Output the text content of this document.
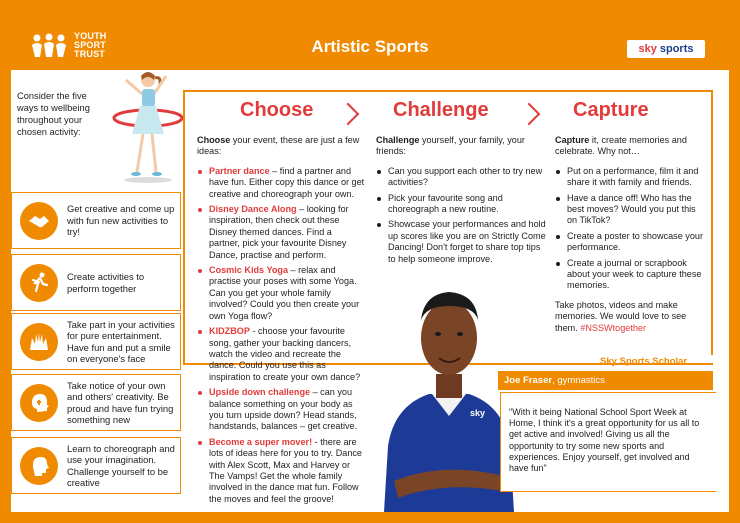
YOUTH
SPORT
TRUST	Artistic Sports	sky sports
Consider the five ways to wellbeing throughout your chosen activity:
Get creative and come up with fun new activities to try!
Create activities to perform together
Take part in your activities for pure entertainment. Have fun and put a smile on everyone's face
Take notice of your own and others' creativity. Be proud and have fun trying something new
Learn to choreograph and use your imagination. Challenge yourself to be creative
Choose	Challenge	Capture
Choose your event, these are just a few ideas:
Partner dance – find a partner and have fun. Either copy this dance or get creative and choreograph your own.
Disney Dance Along – looking for inspiration, then check out these Disney themed dances. Find a partner, pick your favourite Disney Dance, practise and perform.
Cosmic Kids Yoga – relax and practise your poses with some Yoga. Can you get your whole family involved? Could you then create your own Yoga flow?
KIDZBOP - choose your favourite song, gather your backing dancers, watch the video and recreate the dance. Could you use this as inspiration to create your own dance?
Upside down challenge – can you balance something on your body as you turn upside down? Head stands, handstands, balances – get creative.
Become a super mover! - there are lots of ideas here for you to try. Dance with Alex Scott, Max and Harvey or The Vamps! Get the whole family involved in the dance mat fun. Follow the moves and feel the groove!
Challenge yourself, your family, your friends:
Can you support each other to try new activities?
Pick your favourite song and choreograph a new routine.
Showcase your performances and hold up scores like you are on Strictly Come Dancing! Don't forget to share top tips to help someone improve.
Capture it, create memories and celebrate. Why not…
Put on a performance, film it and share it with family and friends.
Have a dance off! Who has the best moves? Would you put this on TikTok?
Create a poster to showcase your performance.
Create a journal or scrapbook about your week to capture these memories.
Take photos, videos and make memories. We would love to see them. #NSSWtogether
sky
Sky Sports Scholar
Joe Fraser , gymnastics
"With it being National School Sport Week at Home, I think it's a great opportunity for us all to get active and involved! Giving us all the opportunity to try some new sports and experiences. Enjoy yourself, get involved and have fun"
